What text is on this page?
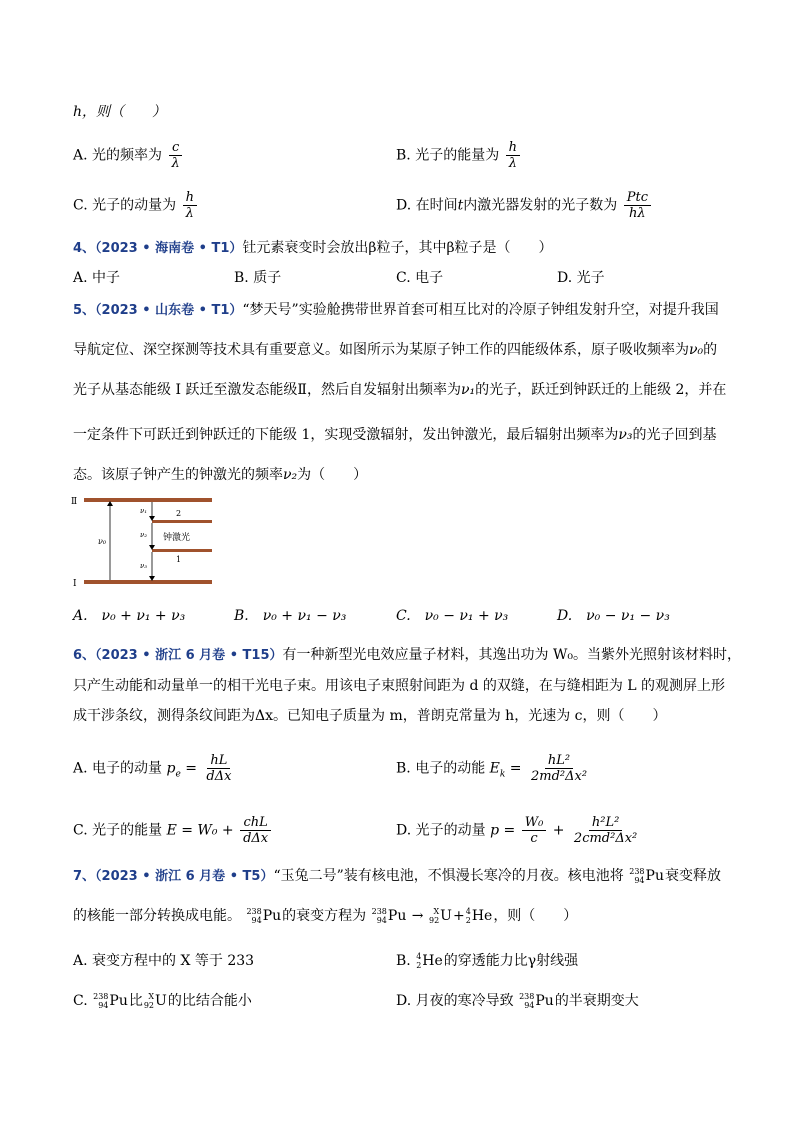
h，则（　　）
A. 光的频率为 $\frac{c}{\lambda}$	B. 光子的能量为 $\frac{h}{\lambda}$
C. 光子的动量为 $\frac{h}{\lambda}$	D. 在时间t内激光器发射的光子数为 $\frac{\text{Ptc}}{h\lambda}$
4、（2023 • 海南卷 • T1）钍元素衰变时会放出β粒子，其中β粒子是（　　）
A. 中子	B. 质子	C. 电子	D. 光子
5、（2023 • 山东卷 • T1）“梦天号”实验舱携带世界首套可相互比对的冷原子钟组发射升空，对提升我国
导航定位、深空探测等技术具有重要意义。如图所示为某原子钟工作的四能级体系，原子吸收频率为ν₀的
光子从基态能级 I 跃迁至激发态能级Ⅱ，然后自发辐射出频率为ν₁的光子，跃迁到钟跃迁的上能级 2，并在
一定条件下可跃迁到钟跃迁的下能级 1，实现受激辐射，发出钟激光，最后辐射出频率为ν₃的光子回到基
态。该原子钟产生的钟激光的频率ν₂为（　　）
Ⅱ
I
2
1
ν₀
ν₁
ν₂ 钟激光
ν₃
A.　ν₀ + ν₁ + ν₃	B.　ν₀ + ν₁ − ν₃	C.　ν₀ − ν₁ + ν₃	D.　ν₀ − ν₁ − ν₃
6、（2023 • 浙江 6 月卷 • T15）有一种新型光电效应量子材料，其逸出功为 W₀。当紫外光照射该材料时，
只产生动能和动量单一的相干光电子束。用该电子束照射间距为 d 的双缝，在与缝相距为 L 的观测屏上形
成干涉条纹，测得条纹间距为Δx。已知电子质量为 m，普朗克常量为 h，光速为 c，则（　　）
A. 电子的动量 $p_e = \frac{hL}{\text{dΔx}}$	B. 电子的动能 $E_k = \frac{\text{hL²}}{\text{2md²Δx²}}$
C. 光子的能量 $E = W_0 + \frac{\text{chL}}{\text{dΔx}}$	D. 光子的动量 $p = \frac{\text{W₀}}{c} + \frac{\text{h²L²}}{\text{2cmd²Δx²}}$
7、（2023 • 浙江 6 月卷 • T5）“玉兔二号”装有核电池，不惧漫长寒冷的月夜。核电池将 238
94 Pu 衰变释放
的核能一部分转换成电能。 238
94 Pu 的衰变方程为 238
94 Pu →	X
92 U + 4
2 He ，则（　　）
A. 衰变方程中的 X 等于 233	B. 4
2 He 的穿透能力比γ射线强
C. 238
94 Pu 比 X
92 U 的比结合能小	D. 月夜的寒冷导致 238
94 Pu 的半衰期变大
